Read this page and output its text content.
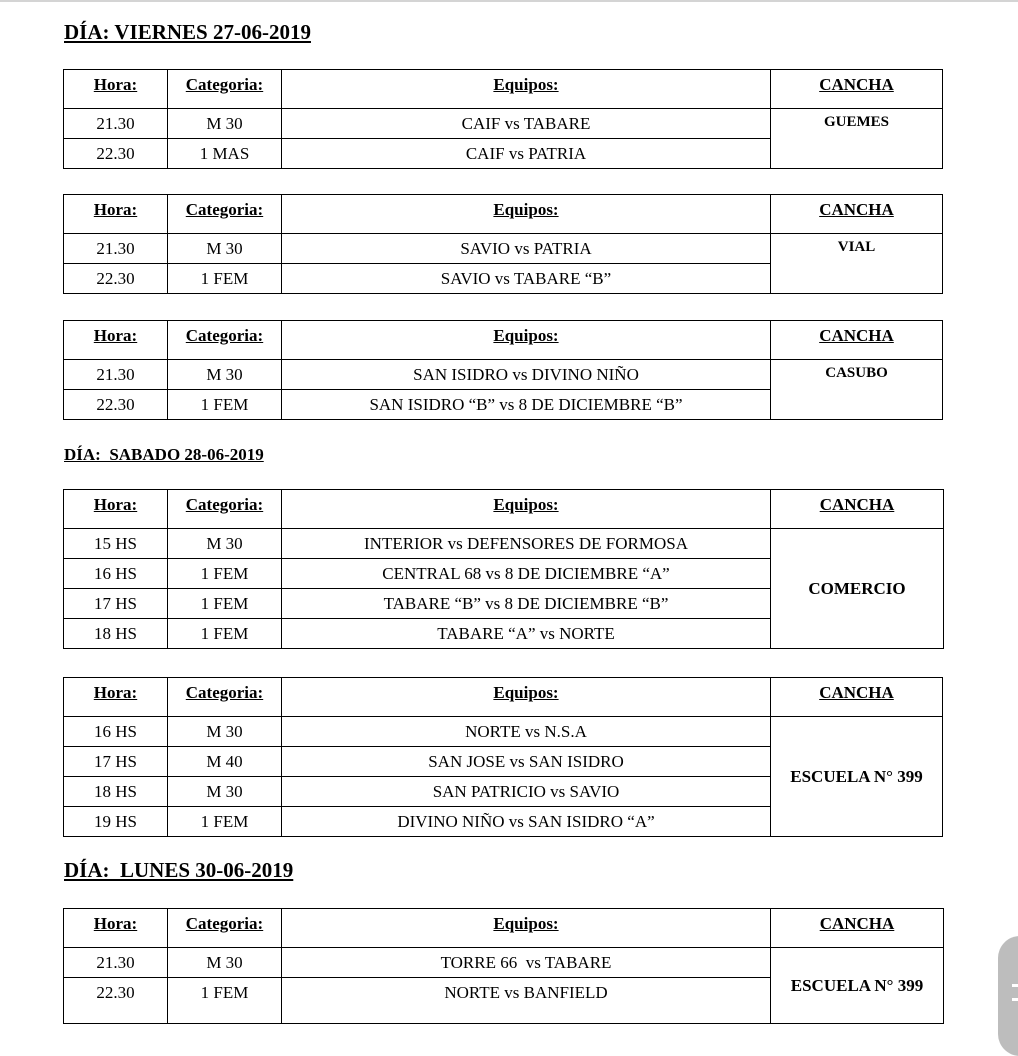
DÍA: VIERNES 27-06-2019
Hora:	Categoria:	Equipos:	CANCHA
21.30	M 30	CAIF vs TABARE	GUEMES
22.30	1 MAS	CAIF vs PATRIA	
Hora:	Categoria:	Equipos:	CANCHA
21.30	M 30	SAVIO vs PATRIA	VIAL
22.30	1 FEM	SAVIO vs TABARE “B”	
Hora:	Categoria:	Equipos:	CANCHA
21.30	M 30	SAN ISIDRO vs DIVINO NIÑO	CASUBO
22.30	1 FEM	SAN ISIDRO “B” vs 8 DE DICIEMBRE “B”	
DÍA:  SABADO 28-06-2019
Hora:	Categoria:	Equipos:	CANCHA
15 HS	M 30	INTERIOR vs DEFENSORES DE FORMOSA	COMERCIO
16 HS	1 FEM	CENTRAL 68 vs 8 DE DICIEMBRE “A”	
17 HS	1 FEM	TABARE “B” vs 8 DE DICIEMBRE “B”	
18 HS	1 FEM	TABARE “A” vs NORTE	
Hora:	Categoria:	Equipos:	CANCHA
16 HS	M 30	NORTE vs N.S.A	ESCUELA N° 399
17 HS	M 40	SAN JOSE vs SAN ISIDRO	
18 HS	M 30	SAN PATRICIO vs SAVIO	
19 HS	1 FEM	DIVINO NIÑO vs SAN ISIDRO “A”	
DÍA:  LUNES 30-06-2019
Hora:	Categoria:	Equipos:	CANCHA
21.30	M 30	TORRE 66  vs TABARE	ESCUELA N° 399
22.30	1 FEM	NORTE vs BANFIELD	
